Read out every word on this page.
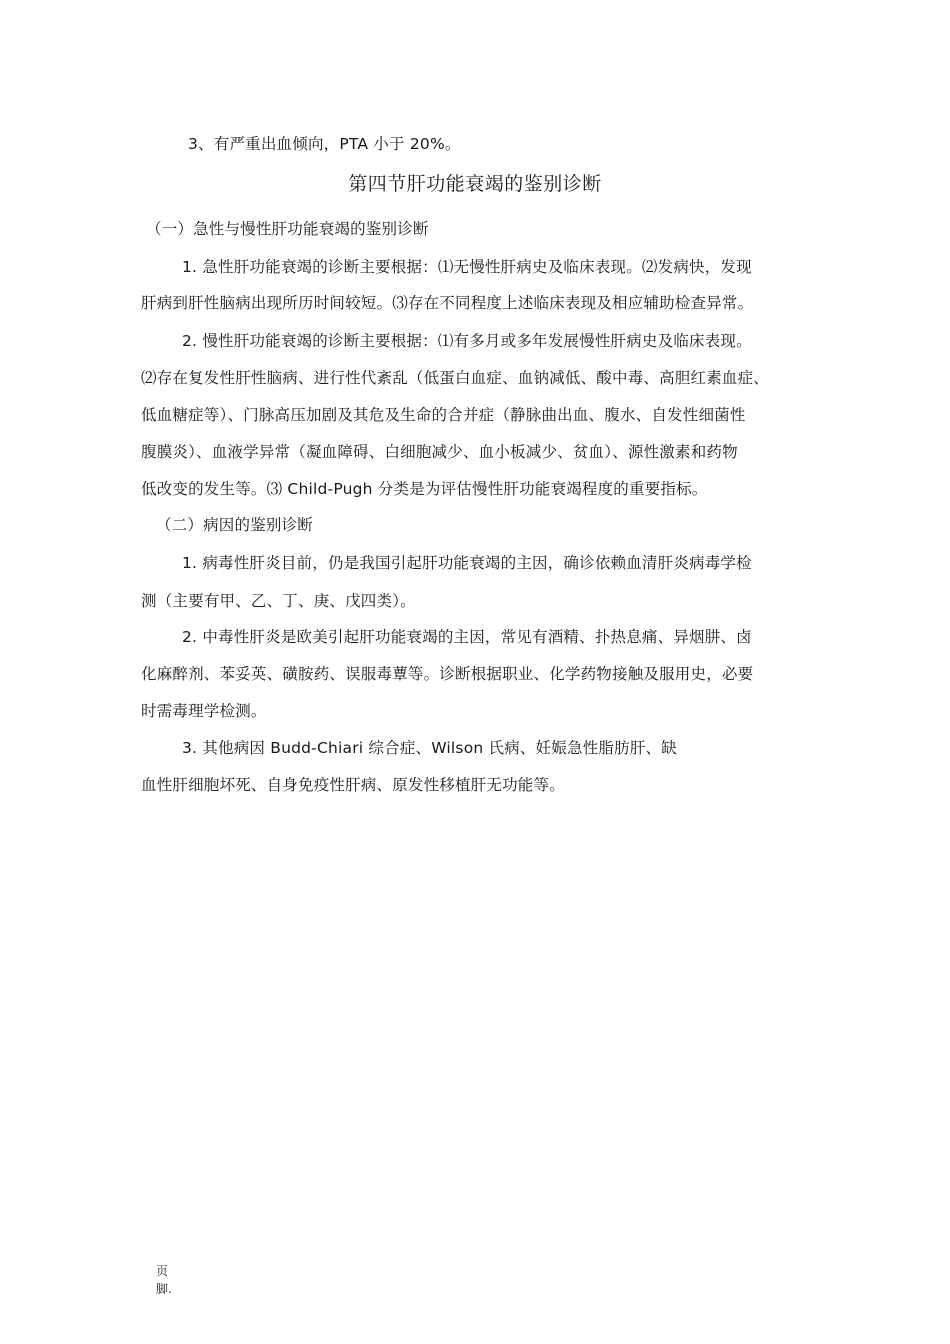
3、有严重出血倾向，PTA 小于 20%。
第四节肝功能衰竭的鉴别诊断
（一）急性与慢性肝功能衰竭的鉴别诊断
1. 急性肝功能衰竭的诊断主要根据：⑴无慢性肝病史及临床表现。⑵发病快，发现
肝病到肝性脑病出现所历时间较短。⑶存在不同程度上述临床表现及相应辅助检查异常。
2. 慢性肝功能衰竭的诊断主要根据：⑴有多月或多年发展慢性肝病史及临床表现。
⑵存在复发性肝性脑病、进行性代紊乱（低蛋白血症、血钠减低、酸中毒、高胆红素血症、
低血糖症等）、门脉高压加剧及其危及生命的合并症（静脉曲出血、腹水、自发性细菌性
腹膜炎）、血液学异常（凝血障碍、白细胞减少、血小板减少、贫血）、源性激素和药物
低改变的发生等。⑶ Child-Pugh 分类是为评估慢性肝功能衰竭程度的重要指标。
（二）病因的鉴别诊断
1. 病毒性肝炎目前，仍是我国引起肝功能衰竭的主因，确诊依赖血清肝炎病毒学检
测（主要有甲、乙、丁、庚、戊四类）。
2. 中毒性肝炎是欧美引起肝功能衰竭的主因，常见有酒精、扑热息痛、异烟肼、卤
化麻醉剂、苯妥英、磺胺药、误服毒蕈等。诊断根据职业、化学药物接触及服用史，必要
时需毒理学检测。
3. 其他病因 Budd-Chiari 综合症、Wilson 氏病、妊娠急性脂肪肝、缺
血性肝细胞坏死、自身免疫性肝病、原发性移植肝无功能等。
页
脚.
